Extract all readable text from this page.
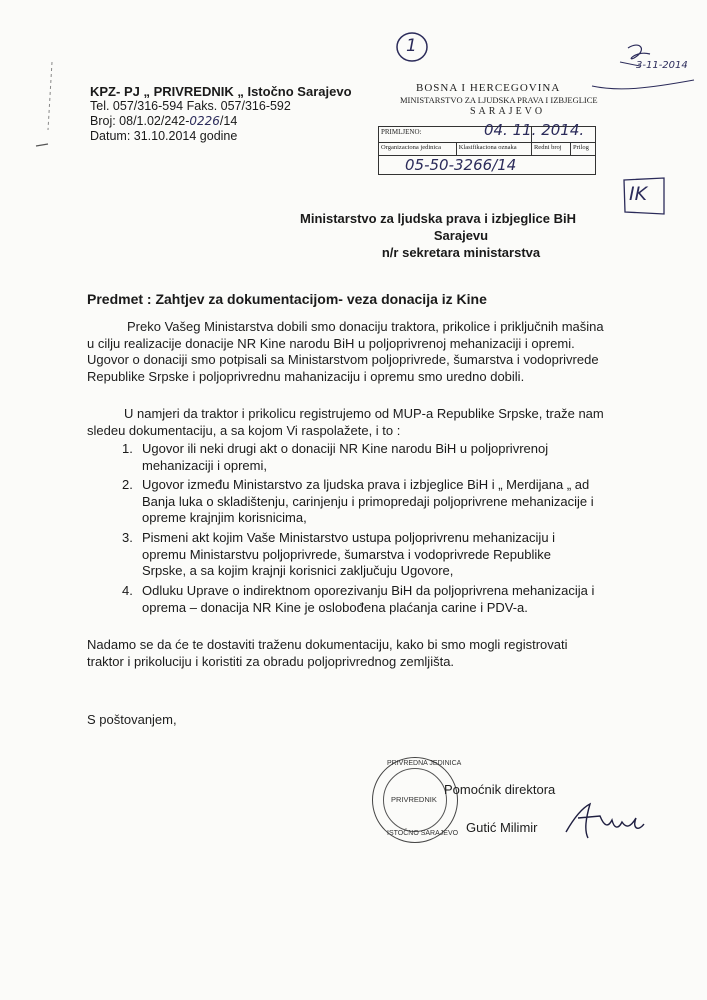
KPZ- PJ „ PRIVREDNIK „ Istočno Sarajevo
Tel. 057/316-594 Faks. 057/316-592
Broj: 08/1.02/242-0226/14
Datum: 31.10.2014 godine
1
3-11-2014
BOSNA I HERCEGOVINA
MINISTARSTVO ZA LJUDSKA PRAVA I IZBJEGLICE
SARAJEVO
PRIMLJENO:		04. 11. 2014.	

Organizaciona jedinica	Klasifikaciona oznaka	Redni broj	Prilog

05-50-3266/14			
IK
Ministarstvo za ljudska prava i izbjeglice BiH
Sarajevu
n/r sekretara ministarstva
Predmet : Zahtjev za dokumentacijom- veza donacija iz Kine

Preko Vašeg Ministarstva dobili smo donaciju traktora, prikolice i priključnih mašina

u cilju realizacije donacije NR Kine narodu BiH u poljoprivrenoj mehanizaciji i opremi.

Ugovor o donaciji smo potpisali sa Ministarstvom poljoprivrede, šumarstva i vodoprivrede

Republike Srpske i poljoprivrednu mahanizaciju i opremu smo uredno dobili.

U namjeri da traktor i prikolicu registrujemo od MUP-a Republike Srpske, traže nam

sledeu dokumentaciju, a sa kojom Vi raspolažete, i to :

1. Ugovor ili neki drugi akt o donaciji NR Kine narodu BiH u poljoprivrenoj
mehanizaciji i opremi,
2. Ugovor između Ministarstvo za ljudska prava i izbjeglice BiH i „ Merdijana „ ad
Banja luka o skladištenju, carinjenju i primopredaji poljoprivrene mehanizacije i
opreme krajnjim korisnicima,
3. Pismeni akt kojim Vaše Ministarstvo ustupa poljoprivrenu mehanizaciju i
opremu Ministarstvu poljoprivrede, šumarstva i vodoprivrede Republike
Srpske, a sa kojim krajnji korisnici zaključuju Ugovore,
4. Odluku Uprave o indirektnom oporezivanju BiH da poljoprivrena mehanizacija i
oprema – donacija NR Kine je oslobođena plaćanja carine i PDV-a.

Nadamo se da će te dostaviti traženu dokumentaciju, kako bi smo mogli registrovati

traktor i prikoluciju i koristiti za obradu poljoprivrednog zemljišta.

S poštovanjem,
PRIVREDNA JEDINICA
PRIVREDNIK
ISTOČNO SARAJEVO
Pomoćnik direktora
Gutić Milimir
